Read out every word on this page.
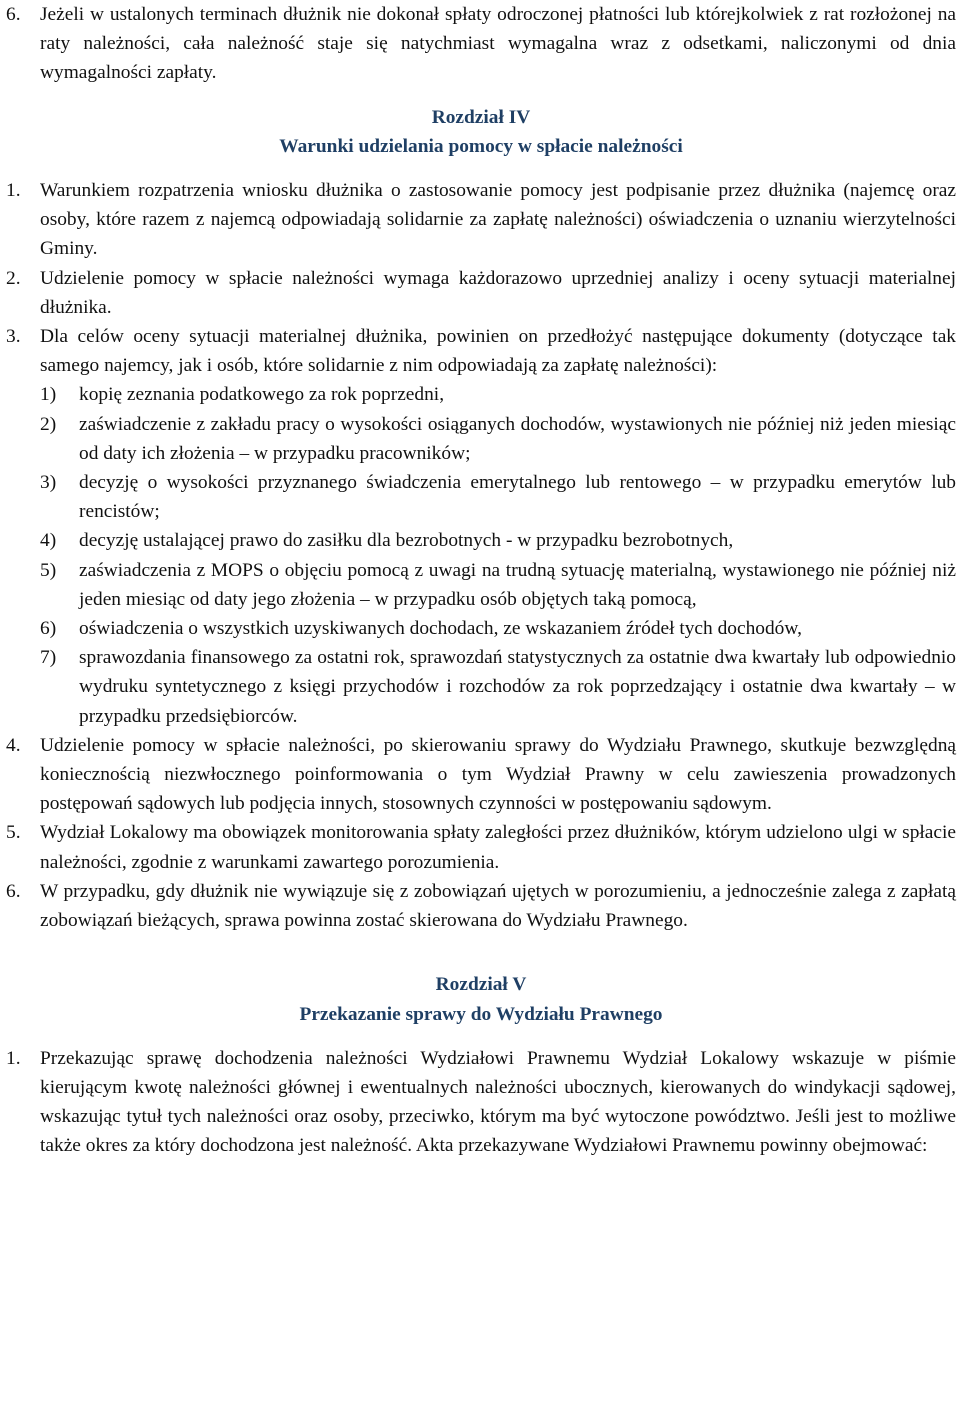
6.	Jeżeli w ustalonych terminach dłużnik nie dokonał spłaty odroczonej płatności lub którejkolwiek z rat rozłożonej na raty należności, cała należność staje się natychmiast wymagalna wraz z odsetkami, naliczonymi od dnia wymagalności zapłaty.
Rozdział IV
Warunki udzielania pomocy w spłacie należności
1.	Warunkiem rozpatrzenia wniosku dłużnika o zastosowanie pomocy jest podpisanie przez dłużnika (najemcę oraz osoby, które razem z najemcą odpowiadają solidarnie za zapłatę należności) oświadczenia o uznaniu wierzytelności Gminy.
2.	Udzielenie pomocy w spłacie należności wymaga każdorazowo uprzedniej analizy i oceny sytuacji materialnej dłużnika.
3.	Dla celów oceny sytuacji materialnej dłużnika, powinien on przedłożyć następujące dokumenty (dotyczące tak samego najemcy, jak i osób, które solidarnie z nim odpowiadają za zapłatę należności):
1)	kopię zeznania podatkowego za rok poprzedni,
2)	zaświadczenie z zakładu pracy o wysokości osiąganych dochodów, wystawionych nie później niż jeden miesiąc od daty ich złożenia – w przypadku pracowników;
3)	decyzję o wysokości przyznanego świadczenia emerytalnego lub rentowego – w przypadku emerytów lub rencistów;
4)	decyzję ustalającej prawo do zasiłku dla bezrobotnych - w przypadku bezrobotnych,
5)	zaświadczenia z MOPS o objęciu pomocą z uwagi na trudną sytuację materialną, wystawionego nie później niż jeden miesiąc od daty jego złożenia – w przypadku osób objętych taką pomocą,
6)	oświadczenia o wszystkich uzyskiwanych dochodach, ze wskazaniem źródeł tych dochodów,
7)	sprawozdania finansowego za ostatni rok, sprawozdań statystycznych za ostatnie dwa kwartały lub odpowiednio wydruku syntetycznego z księgi przychodów i rozchodów za rok poprzedzający i ostatnie dwa kwartały – w przypadku przedsiębiorców.
4.	Udzielenie pomocy w spłacie należności, po skierowaniu sprawy do Wydziału Prawnego, skutkuje bezwzględną koniecznością niezwłocznego poinformowania o tym Wydział Prawny w celu zawieszenia prowadzonych postępowań sądowych lub podjęcia innych, stosownych czynności w postępowaniu sądowym.
5.	Wydział Lokalowy ma obowiązek monitorowania spłaty zaległości przez dłużników, którym udzielono ulgi w spłacie należności, zgodnie z warunkami zawartego porozumienia.
6.	W przypadku, gdy dłużnik nie wywiązuje się z zobowiązań ujętych w porozumieniu, a jednocześnie zalega z zapłatą zobowiązań bieżących, sprawa powinna zostać skierowana do Wydziału Prawnego.
Rozdział V
Przekazanie sprawy do Wydziału Prawnego
1.	Przekazując sprawę dochodzenia należności Wydziałowi Prawnemu Wydział Lokalowy wskazuje w piśmie kierującym kwotę należności głównej i ewentualnych należności ubocznych, kierowanych do windykacji sądowej, wskazując tytuł tych należności oraz osoby, przeciwko, którym ma być wytoczone powództwo. Jeśli jest to możliwe także okres za który dochodzona jest należność. Akta przekazywane Wydziałowi Prawnemu powinny obejmować:
